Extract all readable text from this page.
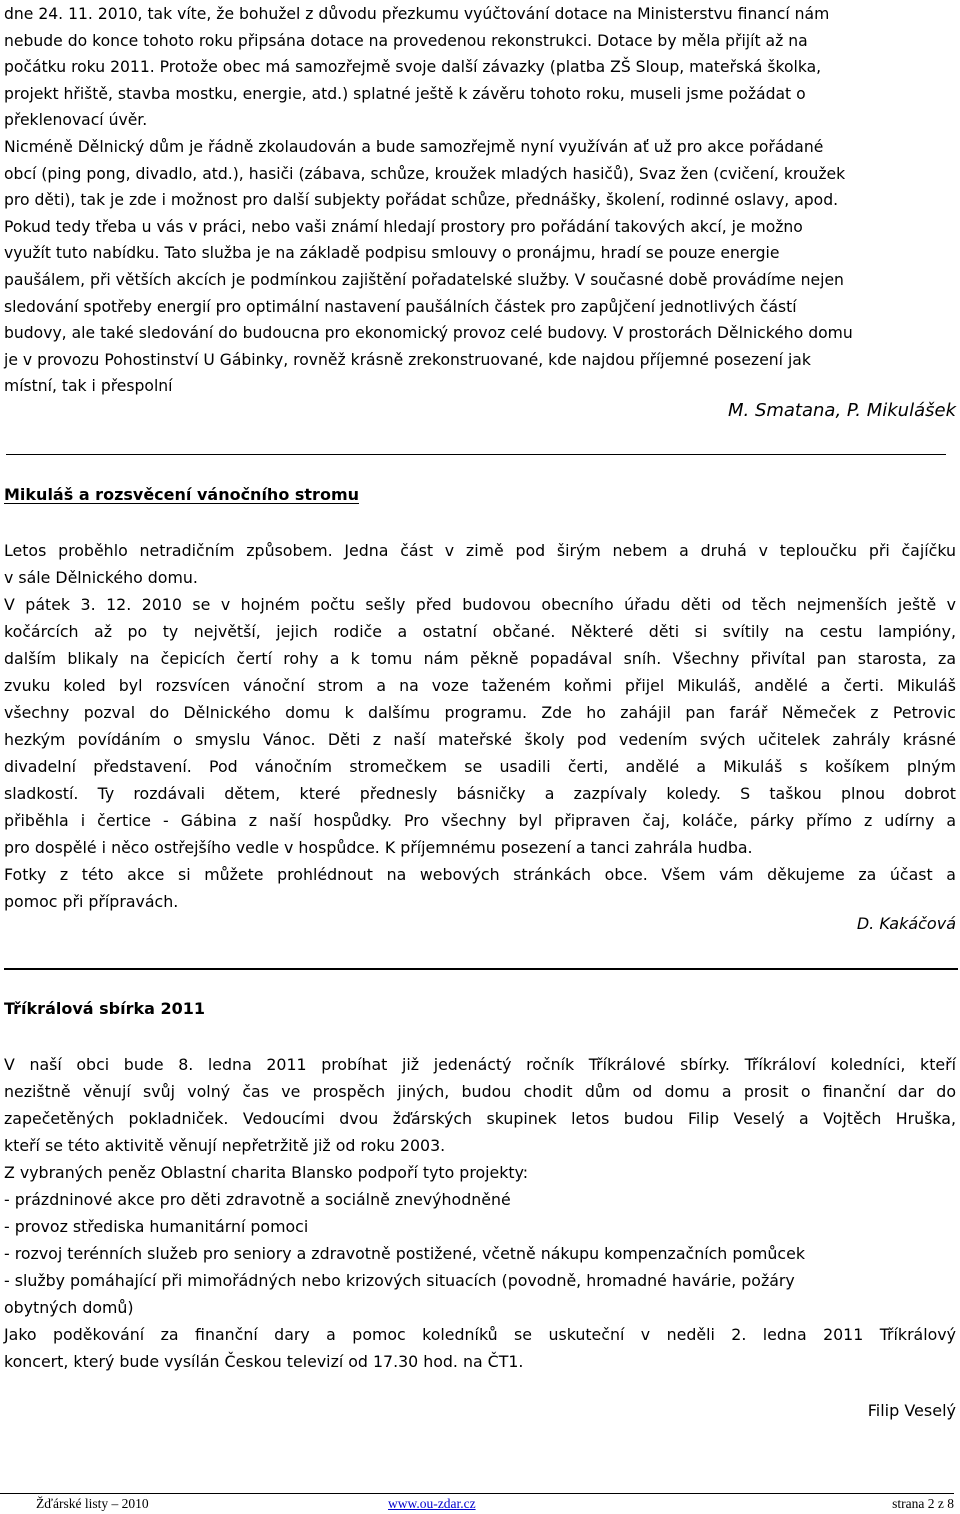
dne 24. 11. 2010, tak víte, že bohužel z důvodu přezkumu vyúčtování dotace na Ministerstvu financí nám
nebude do konce tohoto roku připsána dotace na provedenou rekonstrukci. Dotace by měla přijít až na
počátku roku 2011. Protože obec má samozřejmě svoje další závazky (platba ZŠ Sloup, mateřská školka,
projekt hřiště, stavba mostku, energie, atd.) splatné ještě k závěru tohoto roku, museli jsme požádat o
překlenovací úvěr.
Nicméně Dělnický dům je řádně zkolaudován a bude samozřejmě nyní využíván ať už pro akce pořádané
obcí (ping pong, divadlo, atd.), hasiči (zábava, schůze, kroužek mladých hasičů), Svaz žen (cvičení, kroužek
pro děti), tak je zde i možnost pro další subjekty pořádat schůze, přednášky, školení, rodinné oslavy, apod.
Pokud tedy třeba u vás v práci, nebo vaši známí hledají prostory pro pořádání takových akcí, je možno
využít tuto nabídku. Tato služba je na základě podpisu smlouvy o pronájmu, hradí se pouze energie
paušálem, při větších akcích je podmínkou zajištění pořadatelské služby. V současné době provádíme nejen
sledování spotřeby energií pro optimální nastavení paušálních částek pro zapůjčení jednotlivých částí
budovy, ale také sledování do budoucna pro ekonomický provoz celé budovy. V prostorách Dělnického domu
je v provozu Pohostinství U Gábinky, rovněž krásně zrekonstruované, kde najdou příjemné posezení jak
místní, tak i přespolní
M. Smatana, P. Mikulášek
Mikuláš a rozsvěcení vánočního stromu
Letos proběhlo netradičním způsobem. Jedna část v zimě pod širým nebem a druhá v teploučku při čajíčku
v sále Dělnického domu.
V pátek 3. 12. 2010 se v hojném počtu sešly před budovou obecního úřadu děti od těch nejmenších ještě v
kočárcích až po ty největší, jejich rodiče a ostatní občané. Některé děti si svítily na cestu lampióny,
dalším blikaly na čepicích čertí rohy a k tomu nám pěkně popadával sníh. Všechny přivítal pan starosta, za
zvuku koled byl rozsvícen vánoční strom a na voze taženém koňmi přijel Mikuláš, andělé a čerti. Mikuláš
všechny pozval do Dělnického domu k dalšímu programu. Zde ho zahájil pan farář Němeček z Petrovic
hezkým povídáním o smyslu Vánoc. Děti z naší mateřské školy pod vedením svých učitelek zahrály krásné
divadelní představení. Pod vánočním stromečkem se usadili čerti, andělé a Mikuláš s košíkem plným
sladkostí. Ty rozdávali dětem, které přednesly básničky a zazpívaly koledy. S taškou plnou dobrot
přiběhla i čertice - Gábina z naší hospůdky. Pro všechny byl připraven čaj, koláče, párky přímo z udírny a
pro dospělé i něco ostřejšího vedle v hospůdce. K příjemnému posezení a tanci zahrála hudba.
Fotky z této akce si můžete prohlédnout na webových stránkách obce. Všem vám děkujeme za účast a
pomoc při přípravách.
D. Kakáčová
Tříkrálová sbírka 2011
V naší obci bude 8. ledna 2011 probíhat již jedenáctý ročník Tříkrálové sbírky. Tříkráloví koledníci, kteří
nezištně věnují svůj volný čas ve prospěch jiných, budou chodit dům od domu a prosit o finanční dar do
zapečetěných pokladniček. Vedoucími dvou žďárských skupinek letos budou Filip Veselý a Vojtěch Hruška,
kteří se této aktivitě věnují nepřetržitě již od roku 2003.
Z vybraných peněz Oblastní charita Blansko podpoří tyto projekty:
- prázdninové akce pro děti zdravotně a sociálně znevýhodněné
- provoz střediska humanitární pomoci
- rozvoj terénních služeb pro seniory a zdravotně postižené, včetně nákupu kompenzačních pomůcek
- služby pomáhající při mimořádných nebo krizových situacích (povodně, hromadné havárie, požáry
obytných domů)
Jako poděkování za finanční dary a pomoc koledníků se uskuteční v neděli 2. ledna 2011 Tříkrálový
koncert, který bude vysílán Českou televizí od 17.30 hod. na ČT1.
Filip Veselý
Žďárské listy – 2010	www.ou-zdar.cz	strana 2 z 8
